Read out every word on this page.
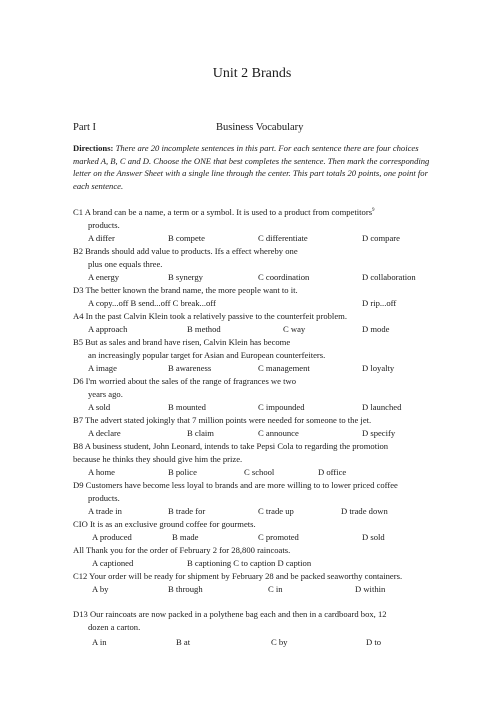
Unit 2 Brands
Part I	Business Vocabulary
Directions: There are 20 incomplete sentences in this part. For each sentence there are four choices marked A, B, C and D. Choose the ONE that best completes the sentence. Then mark the corresponding letter on the Answer Sheet with a single line through the center. This part totals 20 points, one point for each sentence.
C1 A brand can be a name, a term or a symbol. It is used to a product from competitors$^9$
products.
A differ	B compete	C differentiate	D compare
B2 Brands should add value to products. Ifs a effect whereby one
plus one equals three.
A energy	B synergy	C coordination	D collaboration
D3 The better known the brand name, the more people want to it.
A copy...off B send...off C break...off	D rip...off
A4 In the past Calvin Klein took a relatively passive to the counterfeit problem.
A approach	B method	C way	D mode
B5 But as sales and brand have risen, Calvin Klein has become
an increasingly popular target for Asian and European counterfeiters.
A image	B awareness	C management	D loyalty
D6 I'm worried about the sales of the range of fragrances we two
years ago.
A sold	B mounted	C impounded	D launched
B7 The advert stated jokingly that 7 million points were needed for someone to the jet.
A declare	B claim	C announce	D specify
B8 A business student, John Leonard, intends to take Pepsi Cola to regarding the promotion
because he thinks they should give him the prize.
A home	B police	C school	D office
D9 Customers have become less loyal to brands and are more willing to to lower priced coffee
products.
A trade in	B trade for	C trade up	D trade down
CIO It is as an exclusive ground coffee for gourmets.
A produced	B made	C promoted	D sold
All Thank you for the order of February 2 for 28,800 raincoats.
A captioned	B captioning C to caption D caption
C12 Your order will be ready for shipment by February 28 and be packed seaworthy containers.
A by	B through	C in	D within
D13 Our raincoats are now packed in a polythene bag each and then in a cardboard box, 12
dozen a carton.
A in	B at	C by	D to
